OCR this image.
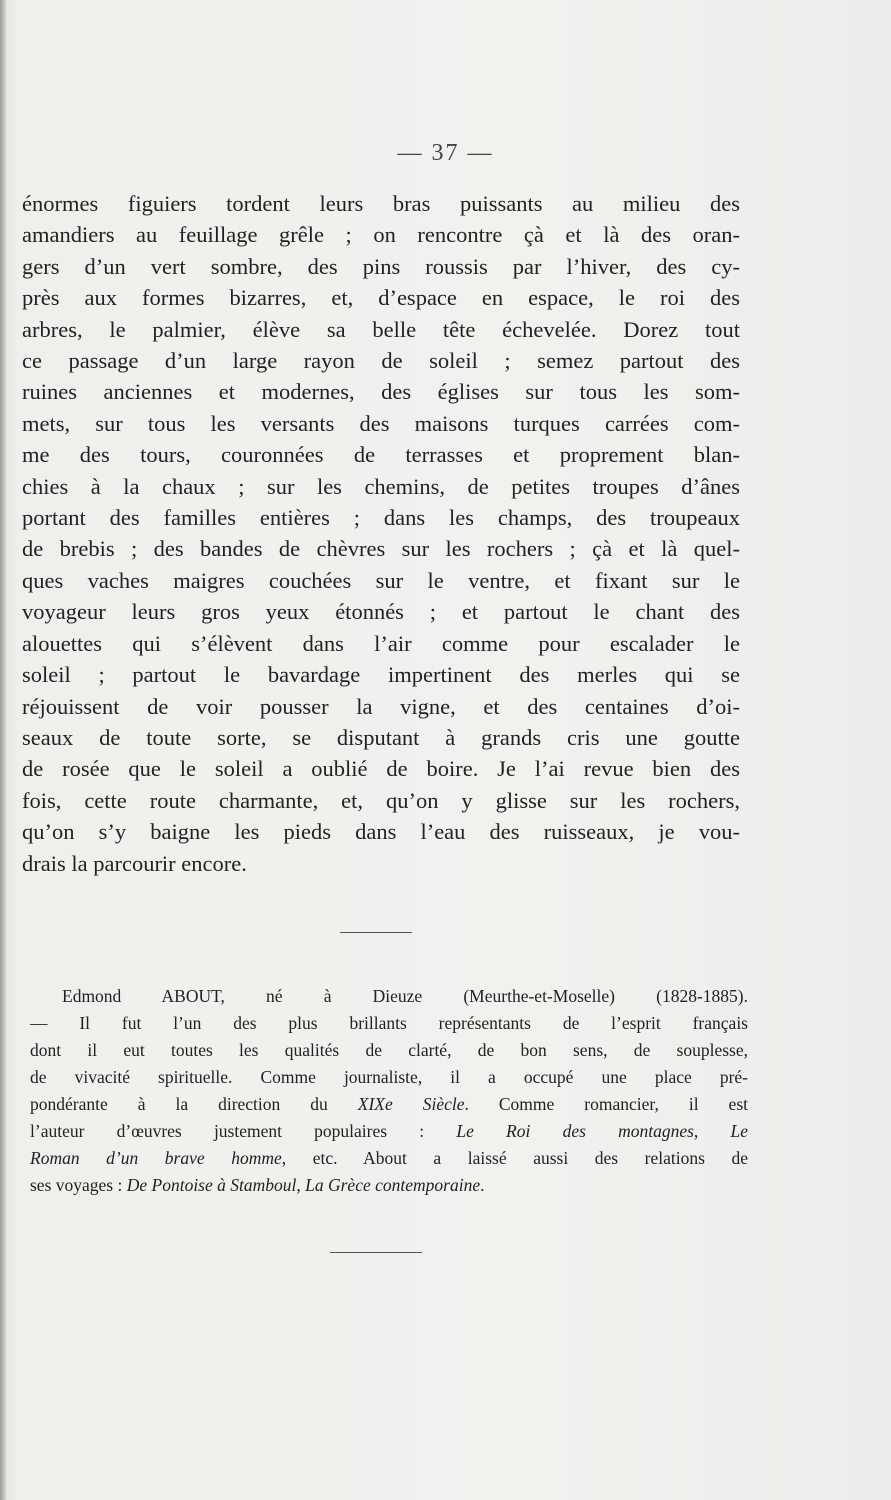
— 37 —
énormes figuiers tordent leurs bras puissants au milieu des
amandiers au feuillage grêle ; on rencontre çà et là des oran-
gers d’un vert sombre, des pins roussis par l’hiver, des cy-
près aux formes bizarres, et, d’espace en espace, le roi des
arbres, le palmier, élève sa belle tête échevelée. Dorez tout
ce passage d’un large rayon de soleil ; semez partout des
ruines anciennes et modernes, des églises sur tous les som-
mets, sur tous les versants des maisons turques carrées com-
me des tours, couronnées de terrasses et proprement blan-
chies à la chaux ; sur les chemins, de petites troupes d’ânes
portant des familles entières ; dans les champs, des troupeaux
de brebis ; des bandes de chèvres sur les rochers ; çà et là quel-
ques vaches maigres couchées sur le ventre, et fixant sur le
voyageur leurs gros yeux étonnés ; et partout le chant des
alouettes qui s’élèvent dans l’air comme pour escalader le
soleil ; partout le bavardage impertinent des merles qui se
réjouissent de voir pousser la vigne, et des centaines d’oi-
seaux de toute sorte, se disputant à grands cris une goutte
de rosée que le soleil a oublié de boire. Je l’ai revue bien des
fois, cette route charmante, et, qu’on y glisse sur les rochers,
qu’on s’y baigne les pieds dans l’eau des ruisseaux, je vou-
drais la parcourir encore.
Edmond ABOUT, né à Dieuze (Meurthe-et-Moselle) (1828-1885).
— Il fut l’un des plus brillants représentants de l’esprit français
dont il eut toutes les qualités de clarté, de bon sens, de souplesse,
de vivacité spirituelle. Comme journaliste, il a occupé une place pré-
pondérante à la direction du XIXe Siècle. Comme romancier, il est
l’auteur d’œuvres justement populaires : Le Roi des montagnes, Le
Roman d’un brave homme, etc. About a laissé aussi des relations de
ses voyages : De Pontoise à Stamboul, La Grèce contemporaine.
